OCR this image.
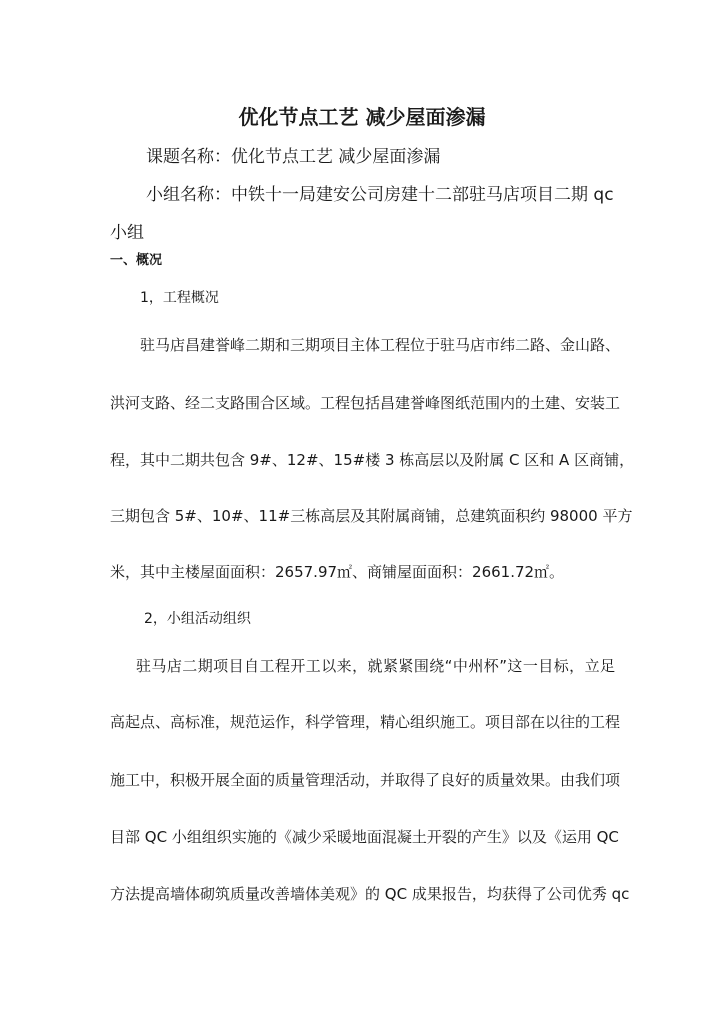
优化节点工艺 减少屋面渗漏
课题名称：优化节点工艺 减少屋面渗漏
小组名称：中铁十一局建安公司房建十二部驻马店项目二期 qc
小组
一、概况
1，工程概况
驻马店昌建誉峰二期和三期项目主体工程位于驻马店市纬二路、金山路、
洪河支路、经二支路围合区域。工程包括昌建誉峰图纸范围内的土建、安装工
程，其中二期共包含 9#、12#、15#楼 3 栋高层以及附属 C 区和 A 区商铺，
三期包含 5#、10#、11#三栋高层及其附属商铺，总建筑面积约 98000 平方
米，其中主楼屋面面积：2657.97㎡、商铺屋面面积：2661.72㎡。
2，小组活动组织
驻马店二期项目自工程开工以来，就紧紧围绕“中州杯”这一目标，立足
高起点、高标准，规范运作，科学管理，精心组织施工。项目部在以往的工程
施工中，积极开展全面的质量管理活动，并取得了良好的质量效果。由我们项
目部 QC 小组组织实施的《减少采暖地面混凝土开裂的产生》以及《运用 QC
方法提高墙体砌筑质量改善墙体美观》的 QC 成果报告，均获得了公司优秀 qc
